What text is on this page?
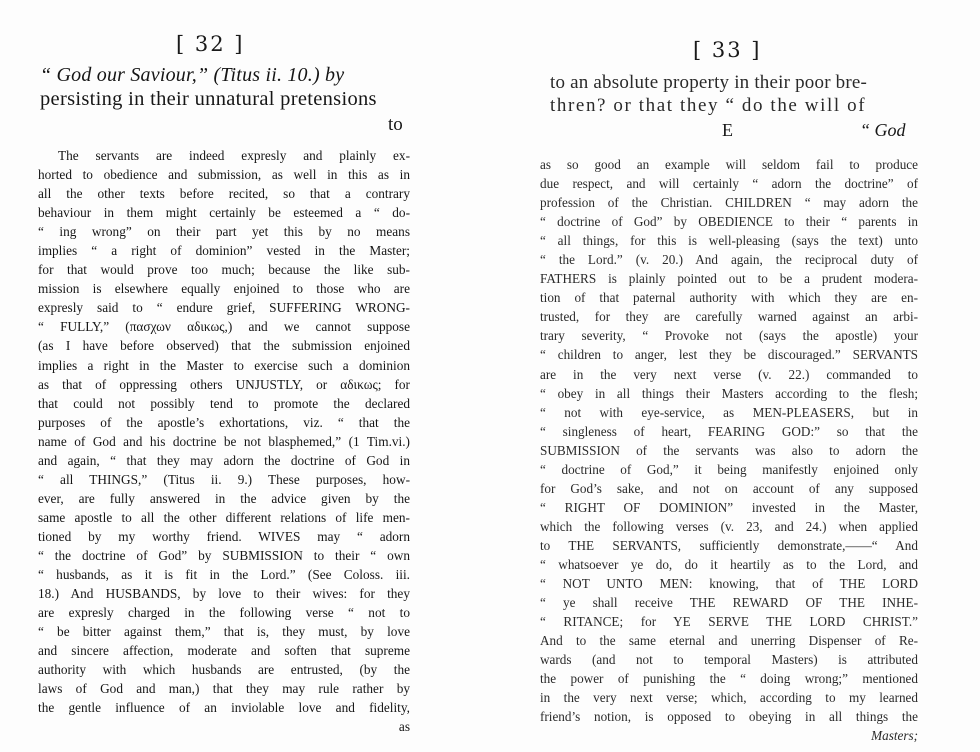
[ 32 ]
“ God our Saviour,” (Titus ii. 10.) by
persisting in their unnatural pretensions
to
The servants are indeed expresly and plainly ex-
horted to obedience and submission, as well in this as in
all the other texts before recited, so that a contrary
behaviour in them might certainly be esteemed a “ do-
“ ing wrong” on their part yet this by no means
implies “ a right of dominion” vested in the Master;
for that would prove too much; because the like sub-
mission is elsewhere equally enjoined to those who are
expresly said to “ endure grief, SUFFERING WRONG-
“ FULLY,” (πασχων αδικως,) and we cannot suppose
(as I have before observed) that the submission enjoined
implies a right in the Master to exercise such a dominion
as that of oppressing others UNJUSTLY, or αδικως; for
that could not possibly tend to promote the declared
purposes of the apostle’s exhortations, viz. “ that the
name of God and his doctrine be not blasphemed,” (1 Tim.vi.)
and again, “ that they may adorn the doctrine of God in
“ all THINGS,” (Titus ii. 9.) These purposes, how-
ever, are fully answered in the advice given by the
same apostle to all the other different relations of life men-
tioned by my worthy friend. WIVES may “ adorn
“ the doctrine of God” by SUBMISSION to their “ own
“ husbands, as it is fit in the Lord.” (See Coloss. iii.
18.) And HUSBANDS, by love to their wives: for they
are expresly charged in the following verse “ not to
“ be bitter against them,” that is, they must, by love
and sincere affection, moderate and soften that supreme
authority with which husbands are entrusted, (by the
laws of God and man,) that they may rule rather by
the gentle influence of an inviolable love and fidelity,
as
[ 33 ]
to an absolute property in their poor bre-
thren? or that they “ do the will of
E	“ God
as so good an example will seldom fail to produce
due respect, and will certainly “ adorn the doctrine” of
profession of the Christian. CHILDREN “ may adorn the
“ doctrine of God” by OBEDIENCE to their “ parents in
“ all things, for this is well-pleasing (says the text) unto
“ the Lord.” (v. 20.) And again, the reciprocal duty of
FATHERS is plainly pointed out to be a prudent modera-
tion of that paternal authority with which they are en-
trusted, for they are carefully warned against an arbi-
trary severity, “ Provoke not (says the apostle) your
“ children to anger, lest they be discouraged.” SERVANTS
are in the very next verse (v. 22.) commanded to
“ obey in all things their Masters according to the flesh;
“ not with eye-service, as MEN-PLEASERS, but in
“ singleness of heart, FEARING GOD:” so that the
SUBMISSION of the servants was also to adorn the
“ doctrine of God,” it being manifestly enjoined only
for God’s sake, and not on account of any supposed
“ RIGHT OF DOMINION” invested in the Master,
which the following verses (v. 23, and 24.) when applied
to THE SERVANTS, sufficiently demonstrate,——“ And
“ whatsoever ye do, do it heartily as to the Lord, and
“ NOT UNTO MEN: knowing, that of THE LORD
“ ye shall receive THE REWARD OF THE INHE-
“ RITANCE; for YE SERVE THE LORD CHRIST.”
And to the same eternal and unerring Dispenser of Re-
wards (and not to temporal Masters) is attributed
the power of punishing the “ doing wrong;” mentioned
in the very next verse; which, according to my learned
friend’s notion, is opposed to obeying in all things the
Masters;
